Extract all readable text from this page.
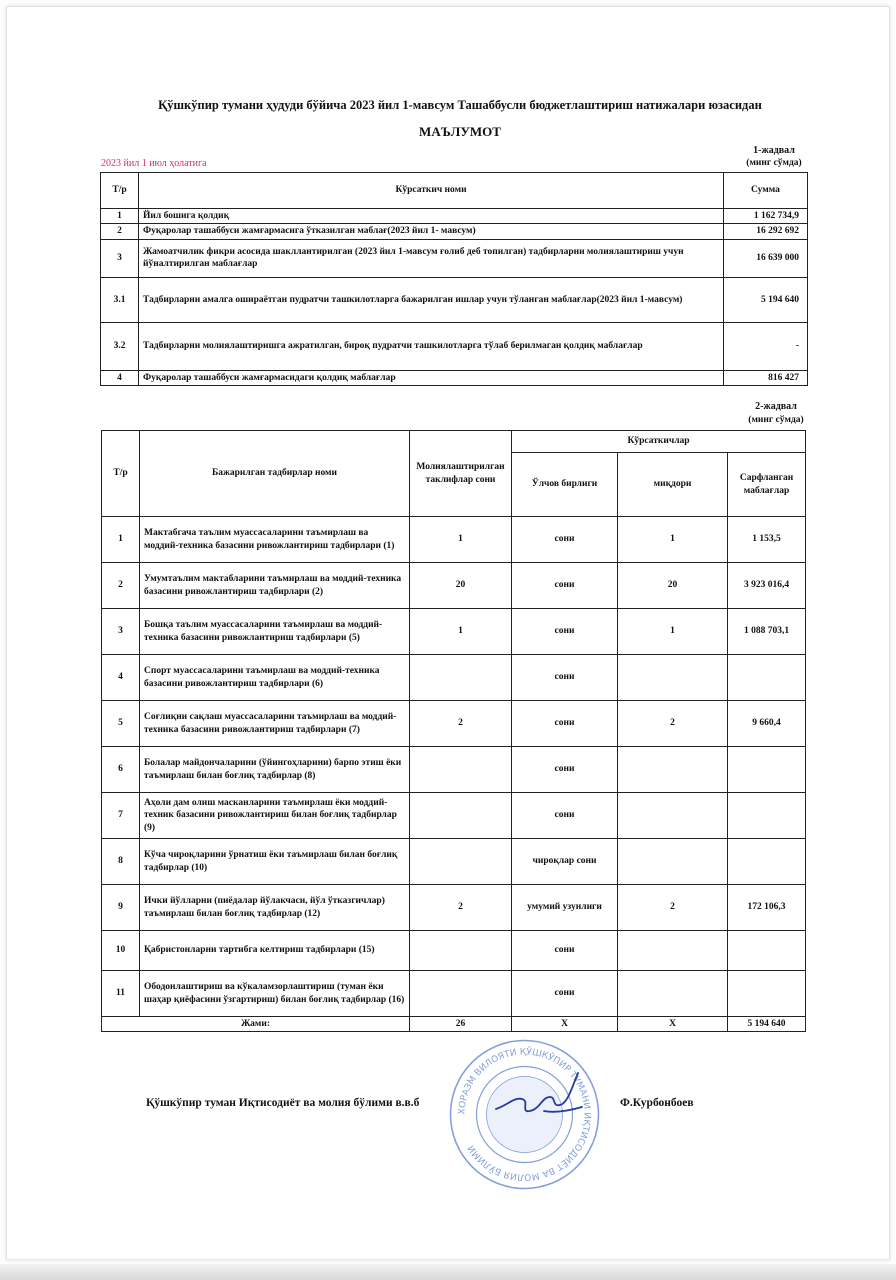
Қўшкўпир тумани ҳудуди бўйича 2023 йил 1-мавсум Ташаббусли бюджетлаштириш натижалари юзасидан
МАЪЛУМОТ
1-жадвал
(минг сўмда)
2023 йил 1 июл ҳолатига
Т/р	Кўрсаткич номи	Сумма
1	Йил бошига қолдиқ	1 162 734,9
2	Фуқаролар ташаббуси жамғармасига ўтказилган маблағ(2023 йил 1- мавсум)	16 292 692
3	Жамоатчилик фикри асосида шакллантирилган (2023 йил 1-мавсум ғолиб деб топилган) тадбирларни молиялаштириш учун йўналтирилган маблағлар	16 639 000
3.1	Тадбирларни амалга ошираётган пудратчи ташкилотларга бажарилган ишлар учун тўланган маблағлар(2023 йил 1-мавсум)	5 194 640
3.2	Тадбирларни молиялаштиришга ажратилган, бироқ пудратчи ташкилотларга тўлаб берилмаган қолдиқ маблағлар	-
4	Фуқаролар ташаббуси жамғармасидаги қолдиқ маблағлар	816 427
2-жадвал
(минг сўмда)
Т/р	Бажарилган тадбирлар номи	Молиялаштирилган таклифлар сони	Кўрсаткичлар		
			Ўлчов бирлиги	миқдори	Сарфланган маблағлар
1	Мактабгача таълим муассасаларини таъмирлаш ва моддий-техника базасини ривожлантириш тадбирлари (1)	1	сони	1	1 153,5
2	Умумтаълим мактабларини таъмирлаш ва моддий-техника базасини ривожлантириш тадбирлари (2)	20	сони	20	3 923 016,4
3	Бошқа таълим муассасаларини таъмирлаш ва моддий-техника базасини ривожлантириш тадбирлари (5)	1	сони	1	1 088 703,1
4	Спорт муассасаларини таъмирлаш ва моддий-техника базасини ривожлантириш тадбирлари (6)		сони		
5	Соғлиқни сақлаш муассасаларини таъмирлаш ва моддий-техника базасини ривожлантириш тадбирлари (7)	2	сони	2	9 660,4
6	Болалар майдончаларини (ўйингоҳларини) барпо этиш ёки таъмирлаш билан боғлиқ тадбирлар (8)		сони		
7	Аҳоли дам олиш масканларини таъмирлаш ёки моддий-техник базасини ривожлантириш билан боғлиқ тадбирлар (9)		сони		
8	Кўча чироқларини ўрнатиш ёки таъмирлаш билан боғлиқ тадбирлар (10)		чироқлар сони		
9	Ички йўлларни (пиёдалар йўлакчаси, йўл ўтказгичлар) таъмирлаш билан боғлиқ тадбирлар (12)	2	умумий узунлиги	2	172 106,3
10	Қабристонларни тартибга келтириш тадбирлари (15)		сони		
11	Ободонлаштириш ва кўкаламзорлаштириш (туман ёки шаҳар қиёфасини ўзгартириш) билан боғлиқ тадбирлар (16)		сони		
Жами:		26	X	X	5 194 640
ХОРАЗМ ВИЛОЯТИ ҚЎШКЎПИР ТУМАНИ ИҚТИСОДИЁТ ВА МОЛИЯ БЎЛИМИ
Қўшкўпир туман Иқтисодиёт ва молия бўлими в.в.б	Ф.Курбонбоев
